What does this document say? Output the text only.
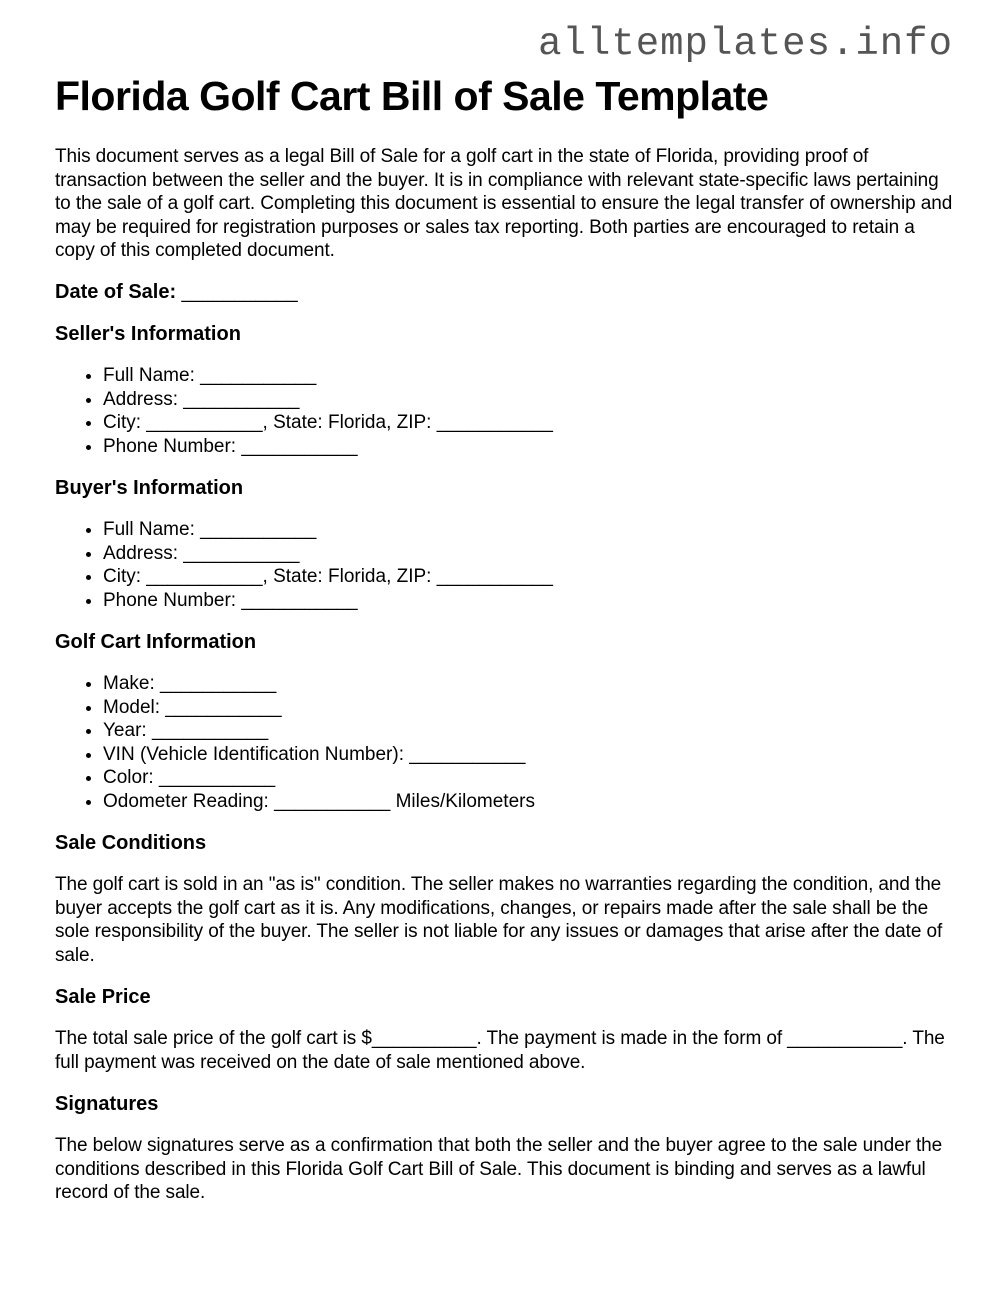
alltemplates.info
Florida Golf Cart Bill of Sale Template

This document serves as a legal Bill of Sale for a golf cart in the state of Florida, providing proof of transaction between the seller and the buyer. It is in compliance with relevant state-specific laws pertaining to the sale of a golf cart. Completing this document is essential to ensure the legal transfer of ownership and may be required for registration purposes or sales tax reporting. Both parties are encouraged to retain a copy of this completed document.

Date of Sale: ___________

Seller's Information
• Full Name: ___________
• Address: ___________
• City: ___________, State: Florida, ZIP: ___________
• Phone Number: ___________
Buyer's Information
• Full Name: ___________
• Address: ___________
• City: ___________, State: Florida, ZIP: ___________
• Phone Number: ___________
Golf Cart Information
• Make: ___________
• Model: ___________
• Year: ___________
• VIN (Vehicle Identification Number): ___________
• Color: ___________
• Odometer Reading: ___________ Miles/Kilometers
Sale Conditions

The golf cart is sold in an "as is" condition. The seller makes no warranties regarding the condition, and the buyer accepts the golf cart as it is. Any modifications, changes, or repairs made after the sale shall be the sole responsibility of the buyer. The seller is not liable for any issues or damages that arise after the date of sale.

Sale Price

The total sale price of the golf cart is $__________. The payment is made in the form of ___________. The full payment was received on the date of sale mentioned above.

Signatures

The below signatures serve as a confirmation that both the seller and the buyer agree to the sale under the conditions described in this Florida Golf Cart Bill of Sale. This document is binding and serves as a lawful record of the sale.
